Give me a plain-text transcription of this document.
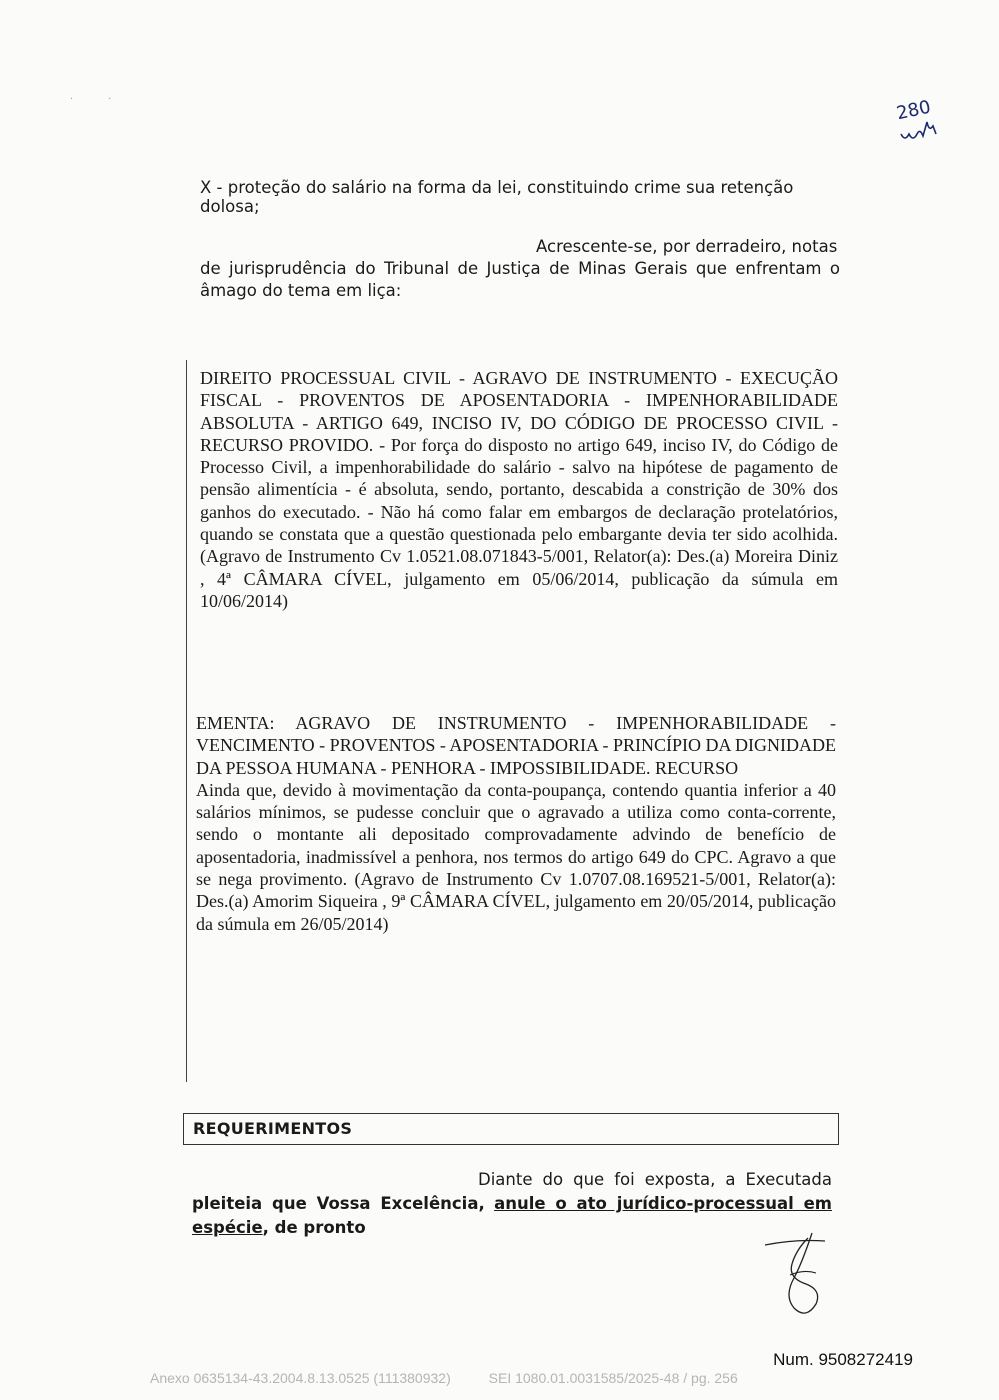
280
·           ·
X - proteção do salário na forma da lei, constituindo crime sua retenção dolosa;
Acrescente-se, por derradeiro, notas
de jurisprudência do Tribunal de Justiça de Minas Gerais que enfrentam o âmago do tema em liça:
DIREITO PROCESSUAL CIVIL - AGRAVO DE INSTRUMENTO - EXECUÇÃO FISCAL - PROVENTOS DE APOSENTADORIA - IMPENHORABILIDADE ABSOLUTA - ARTIGO 649, INCISO IV, DO CÓDIGO DE PROCESSO CIVIL - RECURSO PROVIDO. - Por força do disposto no artigo 649, inciso IV, do Código de Processo Civil, a impenhorabilidade do salário - salvo na hipótese de pagamento de pensão alimentícia - é absoluta, sendo, portanto, descabida a constrição de 30% dos ganhos do executado. - Não há como falar em embargos de declaração protelatórios, quando se constata que a questão questionada pelo embargante devia ter sido acolhida. (Agravo de Instrumento Cv 1.0521.08.071843-5/001, Relator(a): Des.(a) Moreira Diniz , 4ª CÂMARA CÍVEL, julgamento em 05/06/2014, publicação da súmula em 10/06/2014)
EMENTA: AGRAVO DE INSTRUMENTO - IMPENHORABILIDADE - VENCIMENTO - PROVENTOS - APOSENTADORIA - PRINCÍPIO DA DIGNIDADE DA PESSOA HUMANA - PENHORA - IMPOSSIBILIDADE. RECURSO
Ainda que, devido à movimentação da conta-poupança, contendo quantia inferior a 40 salários mínimos, se pudesse concluir que o agravado a utiliza como conta-corrente, sendo o montante ali depositado comprovadamente advindo de benefício de aposentadoria, inadmissível a penhora, nos termos do artigo 649 do CPC. Agravo a que se nega provimento. (Agravo de Instrumento Cv 1.0707.08.169521-5/001, Relator(a): Des.(a) Amorim Siqueira , 9ª CÂMARA CÍVEL, julgamento em 20/05/2014, publicação da súmula em 26/05/2014)
REQUERIMENTOS
Diante do que foi exposta, a Executada pleiteia que Vossa Excelência, anule o ato jurídico-processual em espécie, de pronto
Num. 9508272419
Anexo 0635134-43.2004.8.13.0525 (111380932)	SEI 1080.01.0031585/2025-48 / pg. 256
